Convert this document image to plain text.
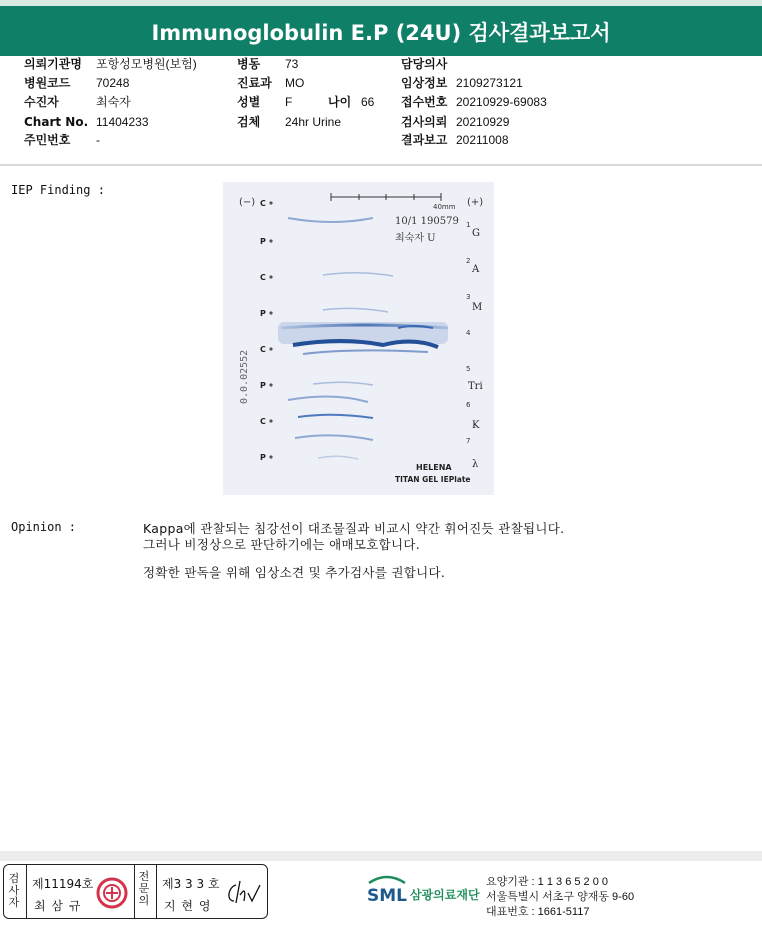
Immunoglobulin E.P (24U) 검사결과보고서
의뢰기관명 포항성모병원(보험)
병원코드 70248
수진자	최숙자
Chart No. 11404233
주민번호 -
병동 73
진료과 MO
성별 F	나이 66
검체 24hr Urine
담당의사
임상정보 2109273121
접수번호 20210929-69083
검사의뢰 20210929
결과보고 20211008
IEP Finding :
(−)	(+)
40mm
10/1 190579
최숙자 U
0.0.02552
C
P
C
P
C
P
C
P
1
2
3
4
5
6
7
G
A
M
Tri
K
λ
HELENA
TITAN GEL IEPlate
Opinion :	Kappa에 관찰되는 침강선이 대조물질과 비교시 약간 휘어진듯 관찰됩니다.
그러나 비정상으로 판단하기에는 애매모호합니다.
정확한 판독을 위해 임상소견 및 추가검사를 권합니다.
검사자
제11194호
최 삼 규
전문의
제3 3 3 호
지 현 영	SML 삼광의료재단
요양기관 : 1 1 3 6 5 2 0 0
서울특별시 서초구 양재동 9-60
대표번호 : 1661-5117
